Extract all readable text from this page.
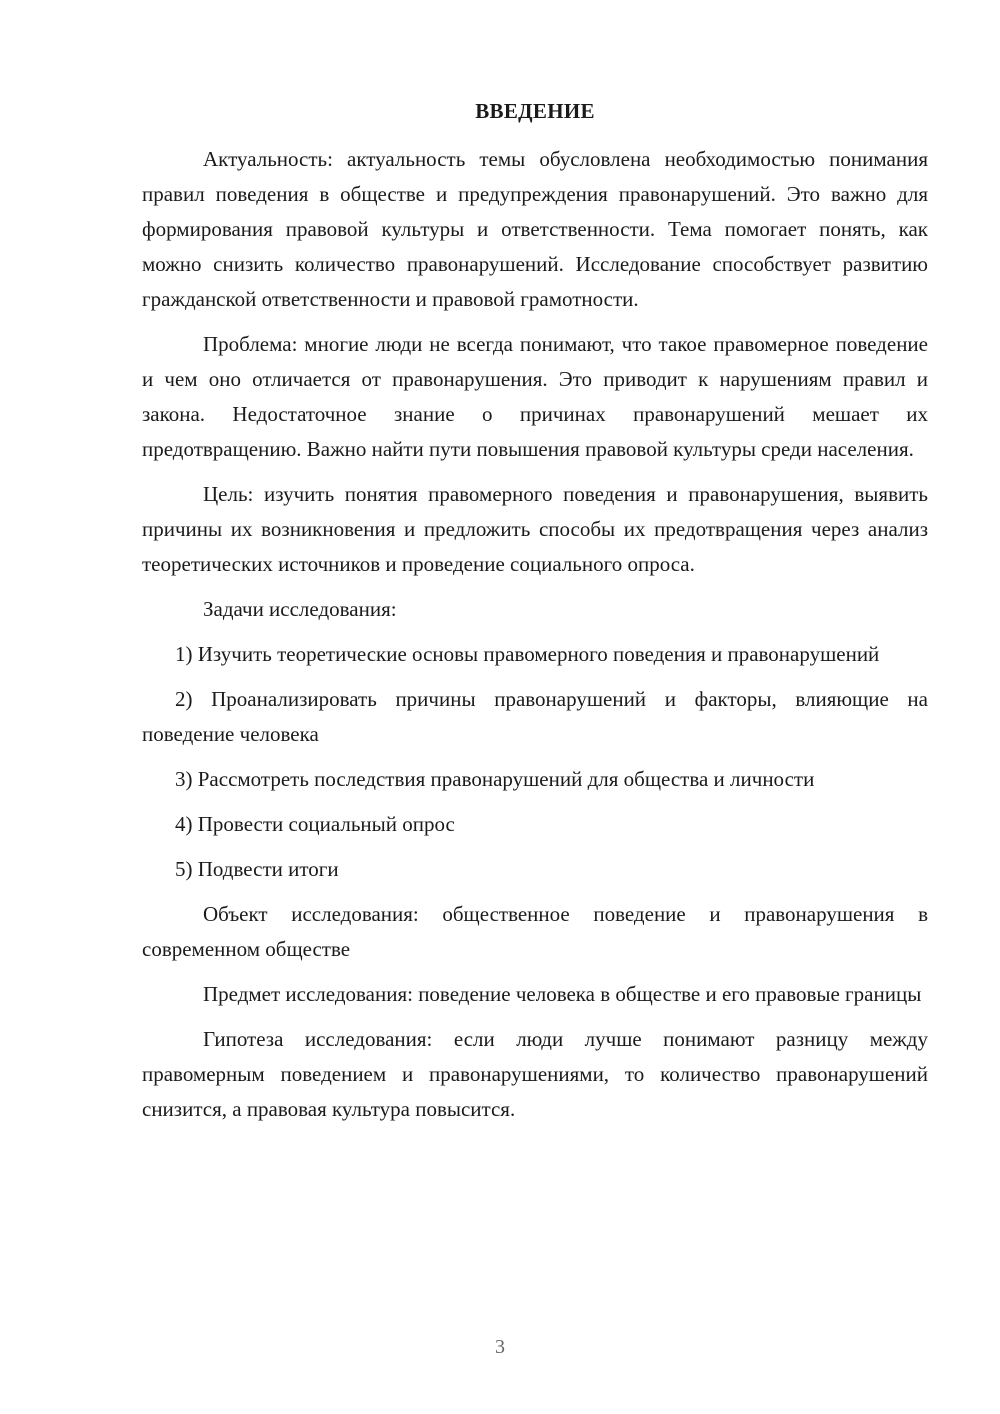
ВВЕДЕНИЕ

Актуальность: актуальность темы обусловлена необходимостью понимания правил поведения в обществе и предупреждения правонарушений. Это важно для формирования правовой культуры и ответственности. Тема помогает понять, как можно снизить количество правонарушений. Исследование способствует развитию гражданской ответственности и правовой грамотности.

Проблема: многие люди не всегда понимают, что такое правомерное поведение и чем оно отличается от правонарушения. Это приводит к нарушениям правил и закона. Недостаточное знание о причинах правонарушений мешает их предотвращению. Важно найти пути повышения правовой культуры среди населения.

Цель: изучить понятия правомерного поведения и правонарушения, выявить причины их возникновения и предложить способы их предотвращения через анализ теоретических источников и проведение социального опроса.

Задачи исследования:

1) Изучить теоретические основы правомерного поведения и правонарушений

2) Проанализировать причины правонарушений и факторы, влияющие на поведение человека

3) Рассмотреть последствия правонарушений для общества и личности

4) Провести социальный опрос

5) Подвести итоги

Объект исследования: общественное поведение и правонарушения в современном обществе

Предмет исследования: поведение человека в обществе и его правовые границы

Гипотеза исследования: если люди лучше понимают разницу между правомерным поведением и правонарушениями, то количество правонарушений снизится, а правовая культура повысится.

3
